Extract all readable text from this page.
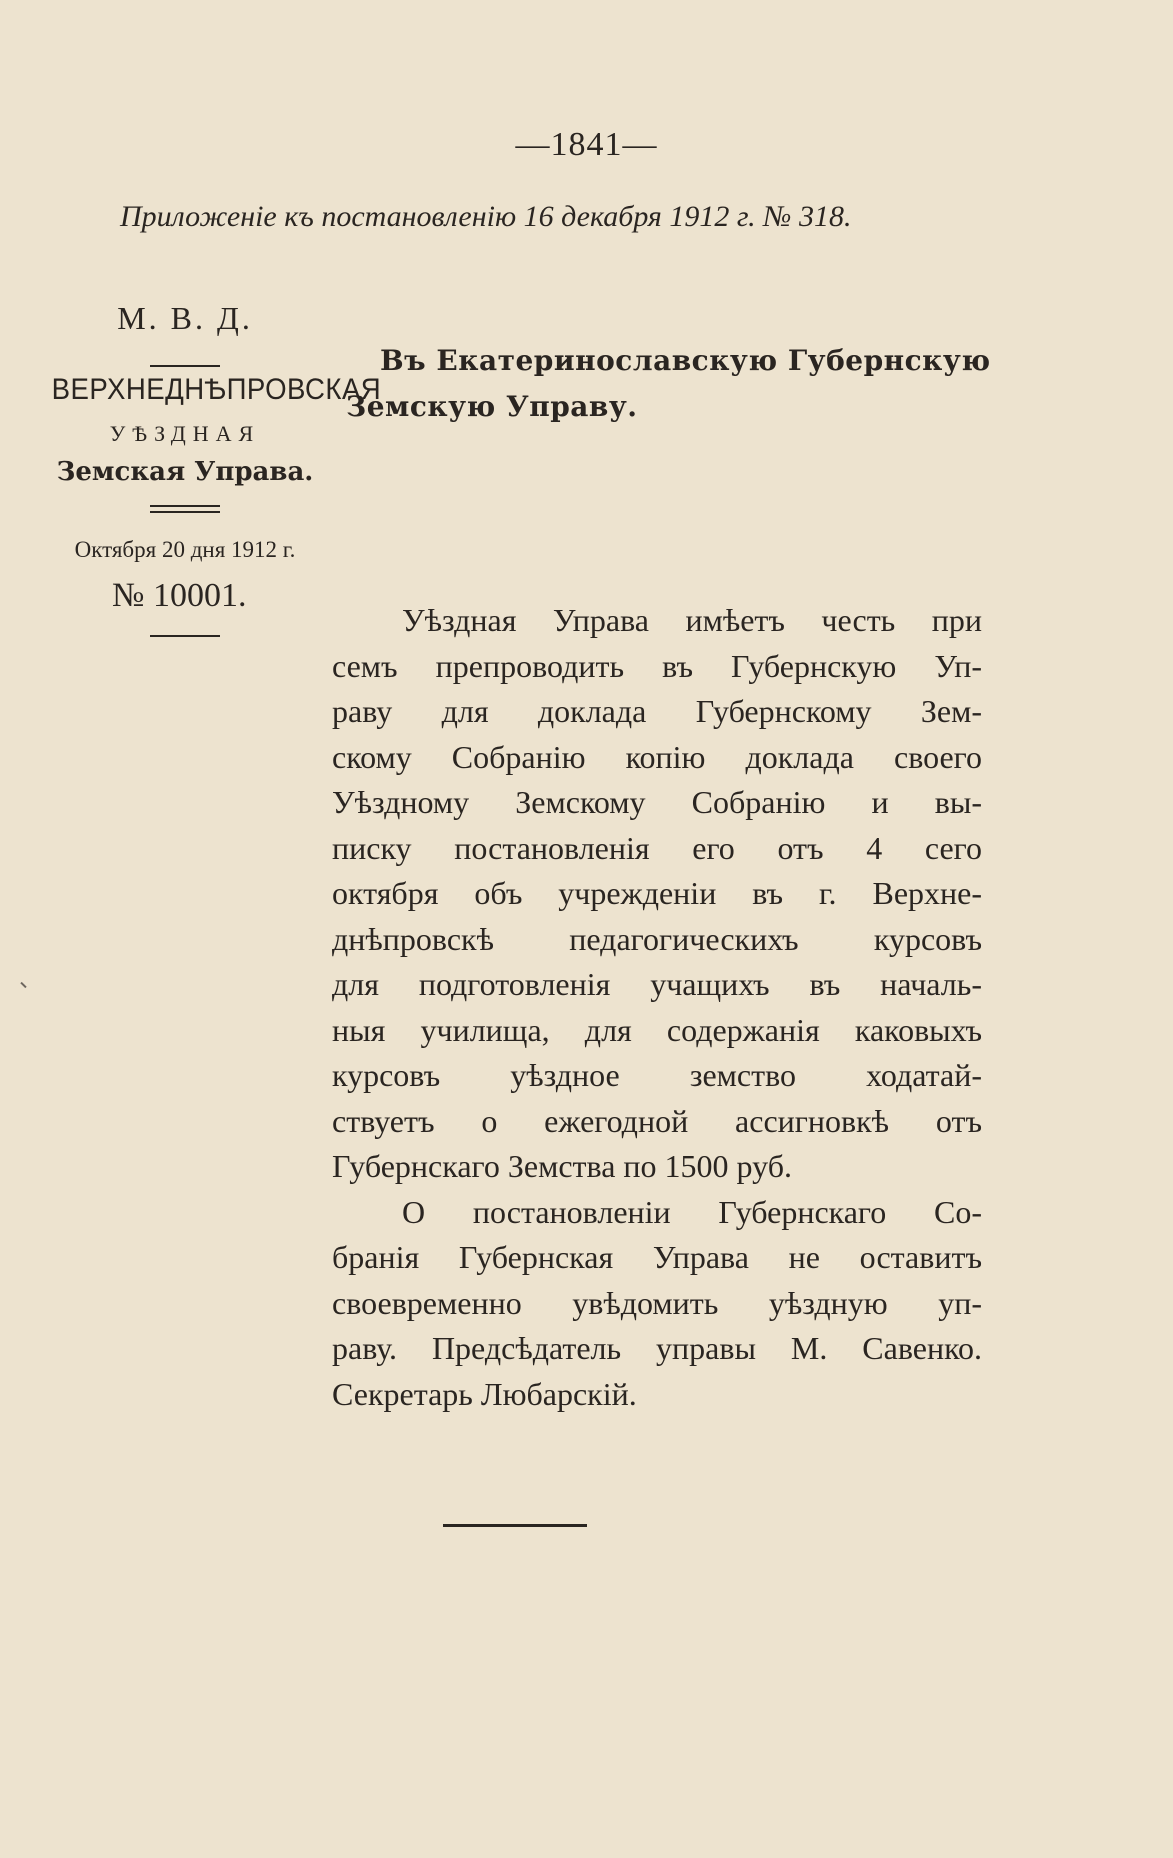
—1841—
Приложеніе къ постановленію 16 декабря 1912 г. № 318.
М. В. Д.
ВЕРХНЕДНѢПРОВСКАЯ
УѢЗДНАЯ
Земская Управа.
Октября 20 дня 1912 г.
№ 10001.
Въ Екатеринославскую Губернскую
Земскую Управу.
Уѣздная Управа имѣетъ честь при
семъ препроводить въ Губернскую Уп-
раву для доклада Губернскому Зем-
скому Собранію копію доклада своего
Уѣздному Земскому Собранію и вы-
писку постановленія его отъ 4 сего
октября объ учрежденіи въ г. Верхне-
днѣпровскѣ педагогическихъ курсовъ
для подготовленія учащихъ въ началь-
ныя училища, для содержанія каковыхъ
курсовъ уѣздное земство ходатай-
ствуетъ о ежегодной ассигновкѣ отъ
Губернскаго Земства по 1500 руб.
О постановленіи Губернскаго Со-
бранія Губернская Управа не оставитъ
своевременно увѣдомить уѣздную уп-
раву. Предсѣдатель управы М. Савенко.
Секретарь Любарскій.
